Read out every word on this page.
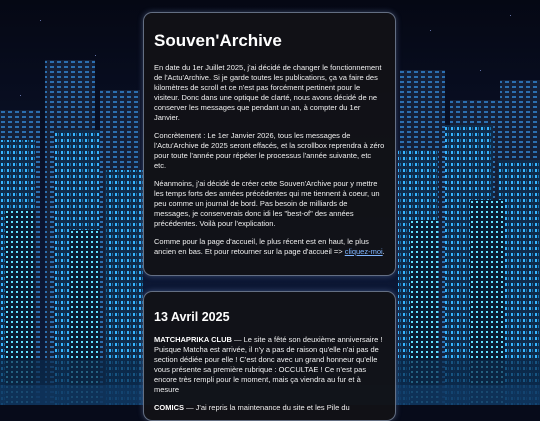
Souven'Archive

En date du 1er Juillet 2025, j'ai décidé de changer le fonctionnement de l'Actu'Archive. Si je garde toutes les publications, ça va faire des kilomètres de scroll et ce n'est pas forcément pertinent pour le visiteur. Donc dans une optique de clarté, nous avons décidé de ne conserver les messages que pendant un an, à compter du 1er Janvier.

Concrètement : Le 1er Janvier 2026, tous les messages de l'Actu'Archive de 2025 seront effacés, et la scrollbox reprendra à zéro pour toute l'année pour répéter le processus l'année suivante, etc etc.

Néanmoins, j'ai décidé de créer cette Souven'Archive pour y mettre les temps forts des années précédentes qui me tiennent à coeur, un peu comme un journal de bord. Pas besoin de milliards de messages, je conserverais donc idi les "best-of" des années précédentes. Voilà pour l'explication.

Comme pour la page d'accueil, le plus récent est en haut, le plus ancien en bas. Et pour retourner sur la page d'accueil => cliquez-moi.

13 Avril 2025

MATCHAPRIKA CLUB — Le site a fêté son deuxième anniversaire ! Puisque Matcha est arrivée, il n'y a pas de raison qu'elle n'ai pas de section dédiée pour elle ! C'est donc avec un grand honneur qu'elle vous présente sa première rubrique : OCCULTAE ! Ce n'est pas encore très rempli pour le moment, mais ça viendra au fur et à mesure

COMICS — J'ai repris la maintenance du site et les Pile du
